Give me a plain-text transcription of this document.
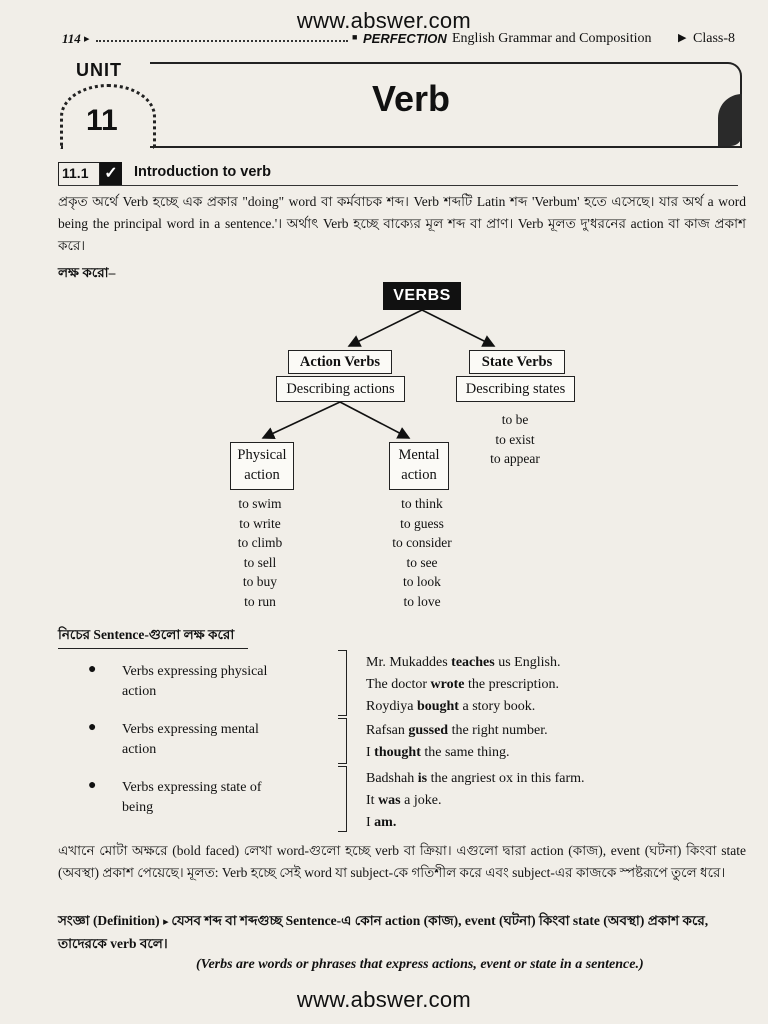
www.abswer.com
114 ▸	■ PERFECTION English Grammar and Composition ▶ Class-8
UNIT
11
Verb
11.1 ✓ Introduction to verb
প্রকৃত অর্থে Verb হচ্ছে এক প্রকার "doing" word বা কর্মবাচক শব্দ। Verb শব্দটি Latin শব্দ 'Verbum' হতে এসেছে। যার অর্থ a word being the principal word in a sentence.'। অর্থাৎ Verb হচ্ছে বাক্যের মূল শব্দ বা প্রাণ। Verb মূলত দু'ধরনের action বা কাজ প্রকাশ করে।
লক্ষ করো–
VERBS
Action Verbs
Describing actions
State Verbs
Describing states
to be
to exist
to appear
Physical
action
Mental
action
to swim
to write
to climb
to sell
to buy
to run
to think
to guess
to consider
to see
to look
to love
নিচের Sentence-গুলো লক্ষ করো
● Verbs expressing physical
action
Mr. Mukaddes teaches us English.
The doctor wrote the prescription.
Roydiya bought a story book.
● Verbs expressing mental
action
Rafsan gussed the right number.
I thought the same thing.
● Verbs expressing state of
being
Badshah is the angriest ox in this farm.
It was a joke.
I am.
এখানে মোটা অক্ষরে (bold faced) লেখা word-গুলো হচ্ছে verb বা ক্রিয়া। এগুলো দ্বারা action (কাজ), event (ঘটনা) কিংবা state (অবস্থা) প্রকাশ পেয়েছে। মূলত: Verb হচ্ছে সেই word যা subject-কে গতিশীল করে এবং subject-এর কাজকে স্পষ্টরূপে তুলে ধরে।
সংজ্ঞা (Definition) ▸ যেসব শব্দ বা শব্দগুচ্ছ Sentence-এ কোন action (কাজ), event (ঘটনা) কিংবা state (অবস্থা) প্রকাশ করে, তাদেরকে verb বলে।
(Verbs are words or phrases that express actions, event or state in a sentence.)
www.abswer.com
